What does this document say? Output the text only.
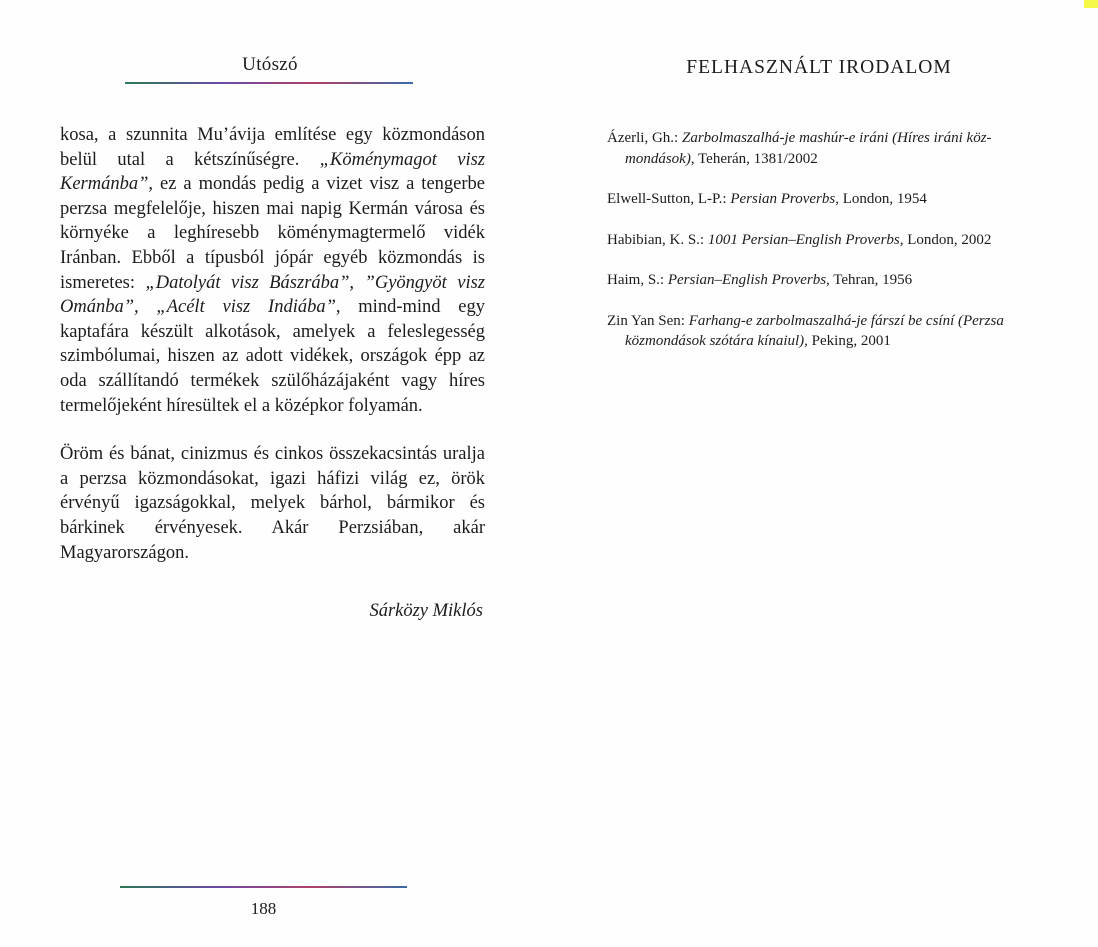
Utószó

kosa, a szunnita Mu’ávija említése egy közmondáson belül utal a kétszínűségre. „Köménymagot visz Kermánba”, ez a mondás pedig a vizet visz a tengerbe perzsa megfelelője, hiszen mai napig Kermán városa és környéke a leghíresebb köménymagtermelő vidék Iránban. Ebből a típusból jópár egyéb közmondás is ismeretes: „Datolyát visz Bászrába”, ”Gyöngyöt visz Ománba”, „Acélt visz Indiába”, mind-mind egy kaptafára készült alkotások, amelyek a feleslegesség szimbólumai, hiszen az adott vidékek, országok épp az oda szállítandó termékek szülőházájaként vagy híres termelőjeként híresültek el a középkor folyamán.

Öröm és bánat, cinizmus és cinkos összekacsintás uralja a perzsa közmondásokat, igazi háfizi világ ez, örök érvényű igazságokkal, melyek bárhol, bármikor és bárkinek érvényesek. Akár Perzsiában, akár Magyarországon.

Sárközy Miklós
188
FELHASZNÁLT IRODALOM

Ázerli, Gh.: Zarbolmaszalhá-je mashúr-e iráni (Híres iráni köz-
mondások), Teherán, 1381/2002

Elwell-Sutton, L-P.: Persian Proverbs, London, 1954

Habibian, K. S.: 1001 Persian–English Proverbs, London, 2002

Haim, S.: Persian–English Proverbs, Tehran, 1956

Zin Yan Sen: Farhang-e zarbolmaszalhá-je fárszí be csíní (Perzsa
közmondások szótára kínaiul), Peking, 2001
